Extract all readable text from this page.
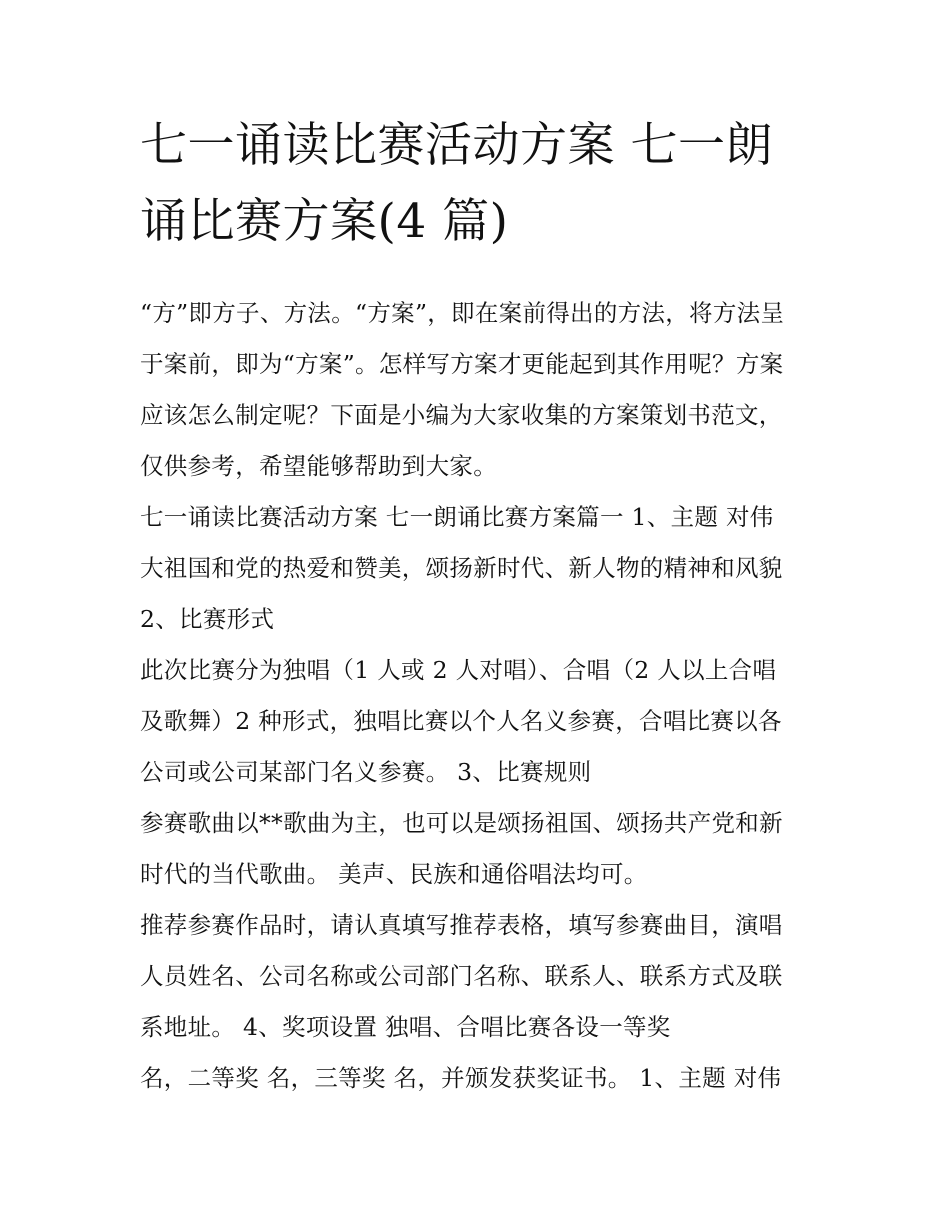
七一诵读比赛活动方案 七一朗
诵比赛方案(4 篇)

“方”即方子、方法。“方案”，即在案前得出的方法，将方法呈

于案前，即为“方案”。怎样写方案才更能起到其作用呢？方案

应该怎么制定呢？下面是小编为大家收集的方案策划书范文，

仅供参考，希望能够帮助到大家。

七一诵读比赛活动方案 七一朗诵比赛方案篇一 1、主题 对伟

大祖国和党的热爱和赞美，颂扬新时代、新人物的精神和风貌

2、比赛形式

此次比赛分为独唱（1 人或 2 人对唱）、合唱（2 人以上合唱

及歌舞）2 种形式，独唱比赛以个人名义参赛，合唱比赛以各

公司或公司某部门名义参赛。 3、比赛规则

参赛歌曲以**歌曲为主，也可以是颂扬祖国、颂扬共产党和新

时代的当代歌曲。 美声、民族和通俗唱法均可。

推荐参赛作品时，请认真填写推荐表格，填写参赛曲目，演唱

人员姓名、公司名称或公司部门名称、联系人、联系方式及联

系地址。 4、奖项设置 独唱、合唱比赛各设一等奖

名，二等奖 名，三等奖 名，并颁发获奖证书。 1、主题 对伟
